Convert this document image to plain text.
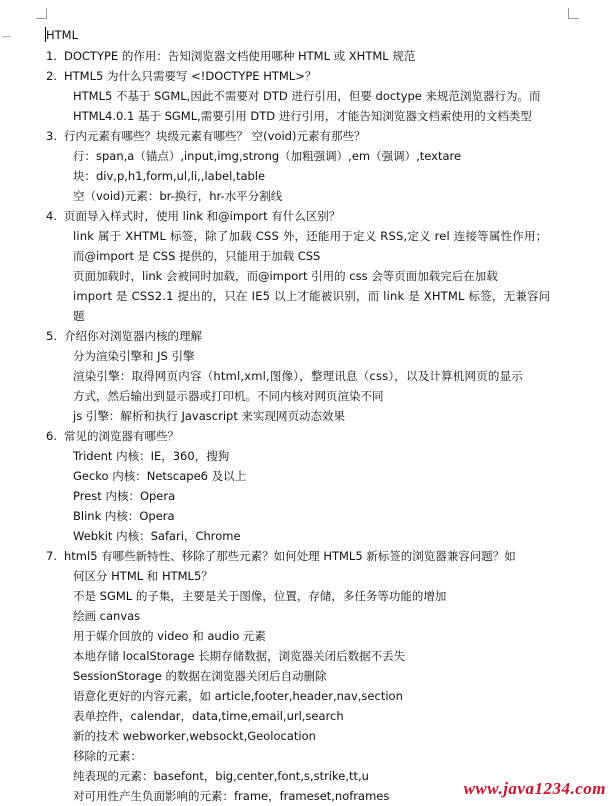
—	HTML
1. DOCTYPE 的作用：告知浏览器文档使用哪种 HTML 或 XHTML 规范
2. HTML5 为什么只需要写 <!DOCTYPE HTML>？
HTML5 不基于 SGML,因此不需要对 DTD 进行引用，但要 doctype 来规范浏览器行为。而
HTML4.0.1 基于 SGML,需要引用 DTD 进行引用，才能告知浏览器文档索使用的文档类型
3. 行内元素有哪些？块级元素有哪些？ 空(void)元素有那些？
行：span,a（锚点）,input,img,strong（加粗强调）,em（强调）,textare
块：div,p,h1,form,ul,li,,label,table
空（void)元素：br-换行，hr-水平分割线
4. 页面导入样式时，使用 link 和@import 有什么区别？
link 属于 XHTML 标签，除了加载 CSS 外，还能用于定义 RSS,定义 rel 连接等属性作用；
而@import 是 CSS 提供的，只能用于加载 CSS
页面加载时，link 会被同时加载，而@import 引用的 css 会等页面加载完后在加载
import 是 CSS2.1 提出的，只在 IE5 以上才能被识别，而 link 是 XHTML 标签，无兼容问
题
5. 介绍你对浏览器内核的理解
分为渲染引擎和 JS 引擎
渲染引擎：取得网页内容（html,xml,图像），整理讯息（css），以及计算机网页的显示
方式，然后输出到显示器或打印机。不同内核对网页渲染不同
js 引擎：解析和执行 Javascript 来实现网页动态效果
6. 常见的浏览器有哪些？
Trident 内核：IE，360，搜狗
Gecko 内核：Netscape6 及以上
Prest 内核：Opera
Blink 内核：Opera
Webkit 内核：Safari，Chrome
7. html5 有哪些新特性、移除了那些元素？如何处理 HTML5 新标签的浏览器兼容问题？如
何区分 HTML 和 HTML5？
不是 SGML 的子集，主要是关于图像，位置，存储，多任务等功能的增加
绘画 canvas
用于媒介回放的 video 和 audio 元素
本地存储 localStorage 长期存储数据，浏览器关闭后数据不丢失
SessionStorage 的数据在浏览器关闭后自动删除
语意化更好的内容元素，如 article,footer,header,nav,section
表单控件，calendar，data,time,email,url,search
新的技术 webworker,websockt,Geolocation
移除的元素：
纯表现的元素：basefont，big,center,font,s,strike,tt,u
对可用性产生负面影响的元素：frame，frameset,noframes	www.java1234.com
